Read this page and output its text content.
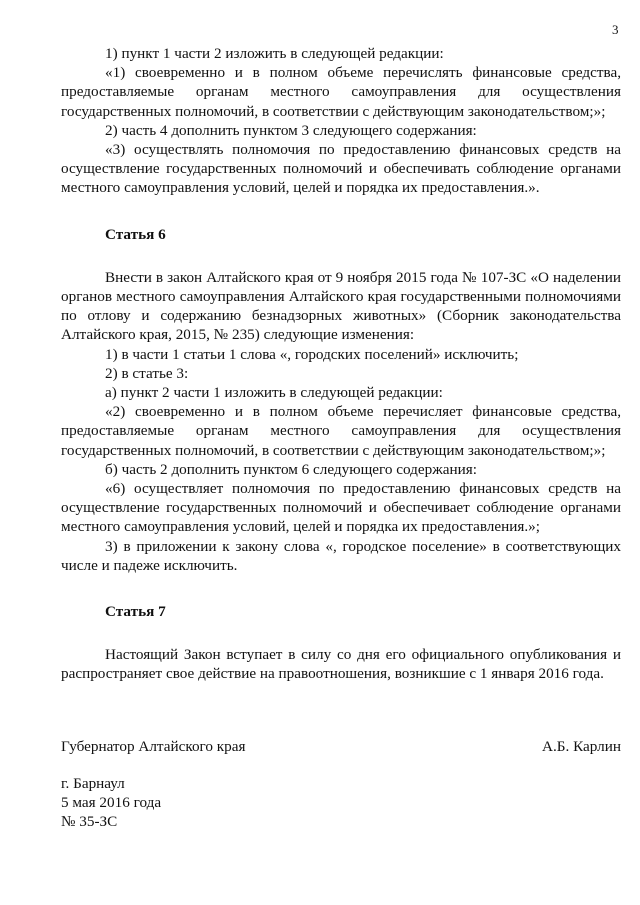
3

1) пункт 1 части 2 изложить в следующей редакции:

«1) своевременно и в полном объеме перечислять финансовые средства, предоставляемые органам местного самоуправления для осуществления государственных полномочий, в соответствии с действующим законодательством;»;

2) часть 4 дополнить пунктом 3 следующего содержания:

«3) осуществлять полномочия по предоставлению финансовых средств на осуществление государственных полномочий и обеспечивать соблюдение органами местного самоуправления условий, целей и порядка их предоставления.».

Статья 6

Внести в закон Алтайского края от 9 ноября 2015 года № 107-ЗС «О наделении органов местного самоуправления Алтайского края государственными полномочиями по отлову и содержанию безнадзорных животных» (Сборник законодательства Алтайского края, 2015, № 235) следующие изменения:

1) в части 1 статьи 1 слова «, городских поселений» исключить;

2) в статье 3:

а) пункт 2 части 1 изложить в следующей редакции:

«2) своевременно и в полном объеме перечисляет финансовые средства, предоставляемые органам местного самоуправления для осуществления государственных полномочий, в соответствии с действующим законодательством;»;

б) часть 2 дополнить пунктом 6 следующего содержания:

«6) осуществляет полномочия по предоставлению финансовых средств на осуществление государственных полномочий и обеспечивает соблюдение органами местного самоуправления условий, целей и порядка их предоставления.»;

3) в приложении к закону слова «, городское поселение» в соответствующих числе и падеже исключить.

Статья 7

Настоящий Закон вступает в силу со дня его официального опубликования и распространяет свое действие на правоотношения, возникшие с 1 января 2016 года.

Губернатор Алтайского края	А.Б. Карлин

г. Барнаул

5 мая 2016 года

№ 35-ЗС
